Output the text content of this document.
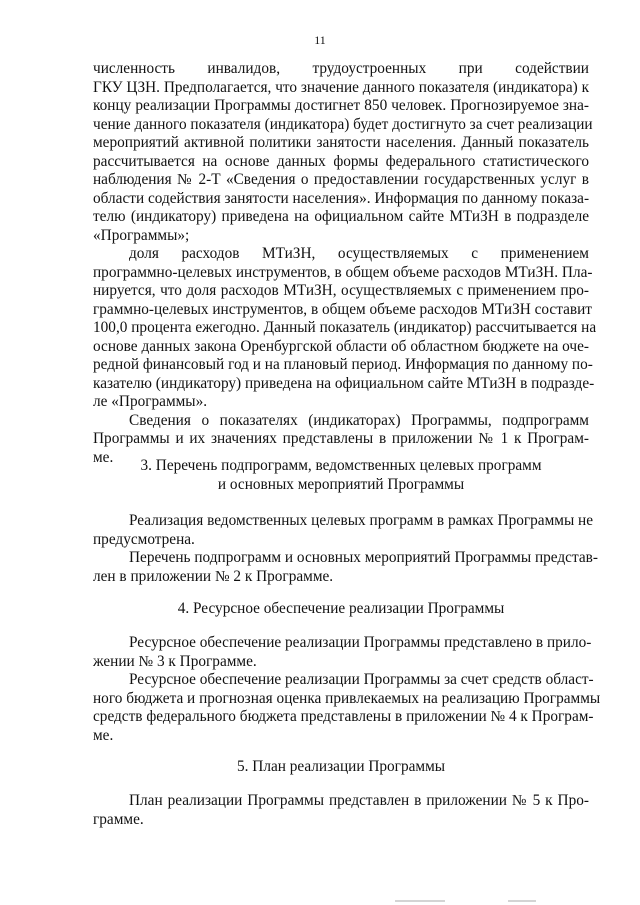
11
численность инвалидов, трудоустроенных при содействии
ГКУ ЦЗН. Предполагается, что значение данного показателя (индикатора) к
концу реализации Программы достигнет 850 человек. Прогнозируемое зна-
чение данного показателя (индикатора) будет достигнуто за счет реализации
мероприятий активной политики занятости населения. Данный показатель
рассчитывается на основе данных формы федерального статистического
наблюдения № 2-Т «Сведения о предоставлении государственных услуг в
области содействия занятости населения». Информация по данному показа-
телю (индикатору) приведена на официальном сайте МТиЗН в подразделе
«Программы»;
доля расходов МТиЗН, осуществляемых с применением
программно-целевых инструментов, в общем объеме расходов МТиЗН. Пла-
нируется, что доля расходов МТиЗН, осуществляемых с применением про-
граммно-целевых инструментов, в общем объеме расходов МТиЗН составит
100,0 процента ежегодно. Данный показатель (индикатор) рассчитывается на
основе данных закона Оренбургской области об областном бюджете на оче-
редной финансовый год и на плановый период. Информация по данному по-
казателю (индикатору) приведена на официальном сайте МТиЗН в подразде-
ле «Программы».
Сведения о показателях (индикаторах) Программы, подпрограмм
Программы и их значениях представлены в приложении № 1 к Програм-
ме.	3. Перечень подпрограмм, ведомственных целевых программ
и основных мероприятий Программы
Реализация ведомственных целевых программ в рамках Программы не
предусмотрена.
Перечень подпрограмм и основных мероприятий Программы представ-
лен в приложении № 2 к Программе.
4. Ресурсное обеспечение реализации Программы
Ресурсное обеспечение реализации Программы представлено в прило-
жении № 3 к Программе.
Ресурсное обеспечение реализации Программы за счет средств област-
ного бюджета и прогнозная оценка привлекаемых на реализацию Программы
средств федерального бюджета представлены в приложении № 4 к Програм-
ме.
5. План реализации Программы
План реализации Программы представлен в приложении № 5 к Про-
грамме.
